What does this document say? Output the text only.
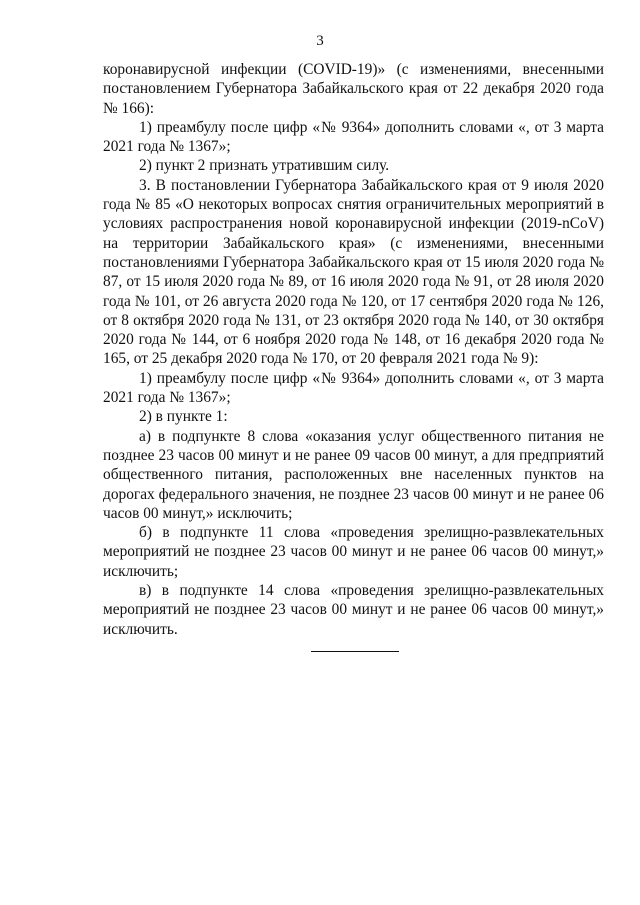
3

коронавирусной инфекции (COVID-19)» (с изменениями, внесенными постановлением Губернатора Забайкальского края от 22 декабря 2020 года № 166):

1) преамбулу после цифр «№ 9364» дополнить словами «, от 3 марта 2021 года № 1367»;

2) пункт 2 признать утратившим силу.

3. В постановлении Губернатора Забайкальского края от 9 июля 2020 года № 85 «О некоторых вопросах снятия ограничительных мероприятий в условиях распространения новой коронавирусной инфекции (2019-nCoV) на территории Забайкальского края» (с изменениями, внесенными постановлениями Губернатора Забайкальского края от 15 июля 2020 года № 87, от 15 июля 2020 года № 89, от 16 июля 2020 года № 91, от 28 июля 2020 года № 101, от 26 августа 2020 года № 120, от 17 сентября 2020 года № 126, от 8 октября 2020 года № 131, от 23 октября 2020 года № 140, от 30 октября 2020 года № 144, от 6 ноября 2020 года № 148, от 16 декабря 2020 года № 165, от 25 декабря 2020 года № 170, от 20 февраля 2021 года № 9):

1) преамбулу после цифр «№ 9364» дополнить словами «, от 3 марта 2021 года № 1367»;

2) в пункте 1:

а) в подпункте 8 слова «оказания услуг общественного питания не позднее 23 часов 00 минут и не ранее 09 часов 00 минут, а для предприятий общественного питания, расположенных вне населенных пунктов на дорогах федерального значения, не позднее 23 часов 00 минут и не ранее 06 часов 00 минут,» исключить;

б) в подпункте 11 слова «проведения зрелищно-развлекательных мероприятий не позднее 23 часов 00 минут и не ранее 06 часов 00 минут,» исключить;

в) в подпункте 14 слова «проведения зрелищно-развлекательных мероприятий не позднее 23 часов 00 минут и не ранее 06 часов 00 минут,» исключить.
